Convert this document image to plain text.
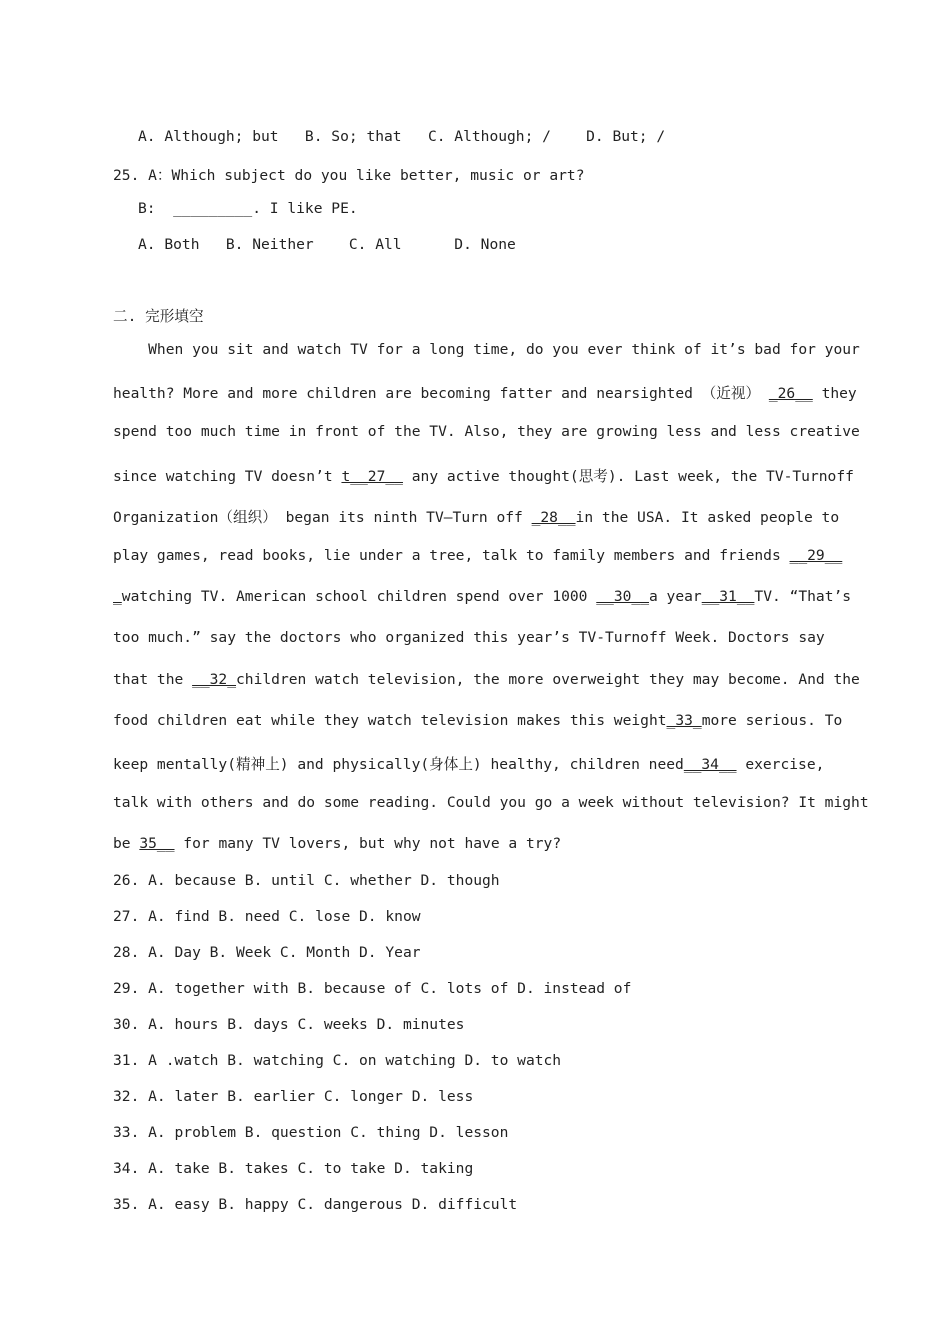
A. Although; but   B. So; that   C. Although; /    D. But; /
25. A：Which subject do you like better, music or art?
B:  _________. I like PE.
A. Both   B. Neither    C. All      D. None
二. 完形填空
When you sit and watch TV for a long time, do you ever think of it’s bad for your
health? More and more children are becoming fatter and nearsighted （近视） _26__ they
spend too much time in front of the TV. Also, they are growing less and less creative
since watching TV doesn’t t__27__ any active thought(思考). Last week, the TV-Turnoff
Organization（组织） began its ninth TV—Turn off _28__in the USA. It asked people to
play games, read books, lie under a tree, talk to family members and friends __29__
_watching TV. American school children spend over 1000 __30__a year__31__TV. “That’s
too much.” say the doctors who organized this year’s TV-Turnoff Week. Doctors say
that the __32_children watch television, the more overweight they may become. And the
food children eat while they watch television makes this weight_33_more serious. To
keep mentally(精神上) and physically(身体上) healthy, children need__34__ exercise,
talk with others and do some reading. Could you go a week without television? It might
be 35__ for many TV lovers, but why not have a try?
26. A. because B. until C. whether D. though
27. A. find B. need C. lose D. know
28. A. Day B. Week C. Month D. Year
29. A. together with B. because of C. lots of D. instead of
30. A. hours B. days C. weeks D. minutes
31. A .watch B. watching C. on watching D. to watch
32. A. later B. earlier C. longer D. less
33. A. problem B. question C. thing D. lesson
34. A. take B. takes C. to take D. taking
35. A. easy B. happy C. dangerous D. difficult
